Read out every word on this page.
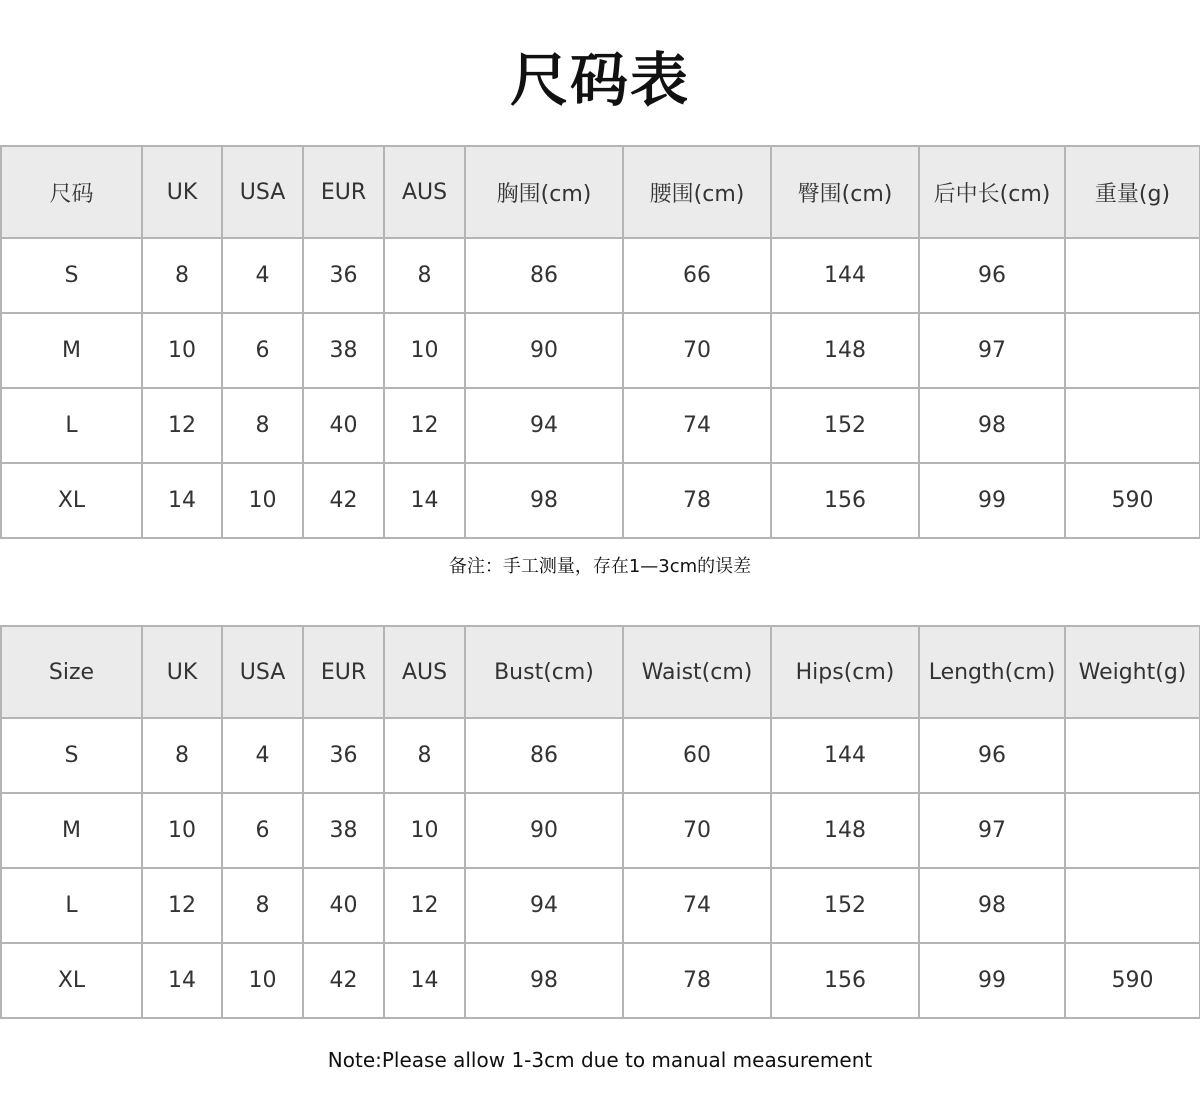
尺码表
尺码	UK	USA	EUR	AUS	胸围(cm)	腰围(cm)	臀围(cm)	后中长(cm)	重量(g)
S	8	4	36	8	86	66	144	96	
M	10	6	38	10	90	70	148	97	
L	12	8	40	12	94	74	152	98	
XL	14	10	42	14	98	78	156	99	590
备注：手工测量，存在1—3cm的误差
Size	UK	USA	EUR	AUS	Bust(cm)	Waist(cm)	Hips(cm)	Length(cm)	Weight(g)
S	8	4	36	8	86	60	144	96	
M	10	6	38	10	90	70	148	97	
L	12	8	40	12	94	74	152	98	
XL	14	10	42	14	98	78	156	99	590
Note:Please allow 1-3cm due to manual measurement
